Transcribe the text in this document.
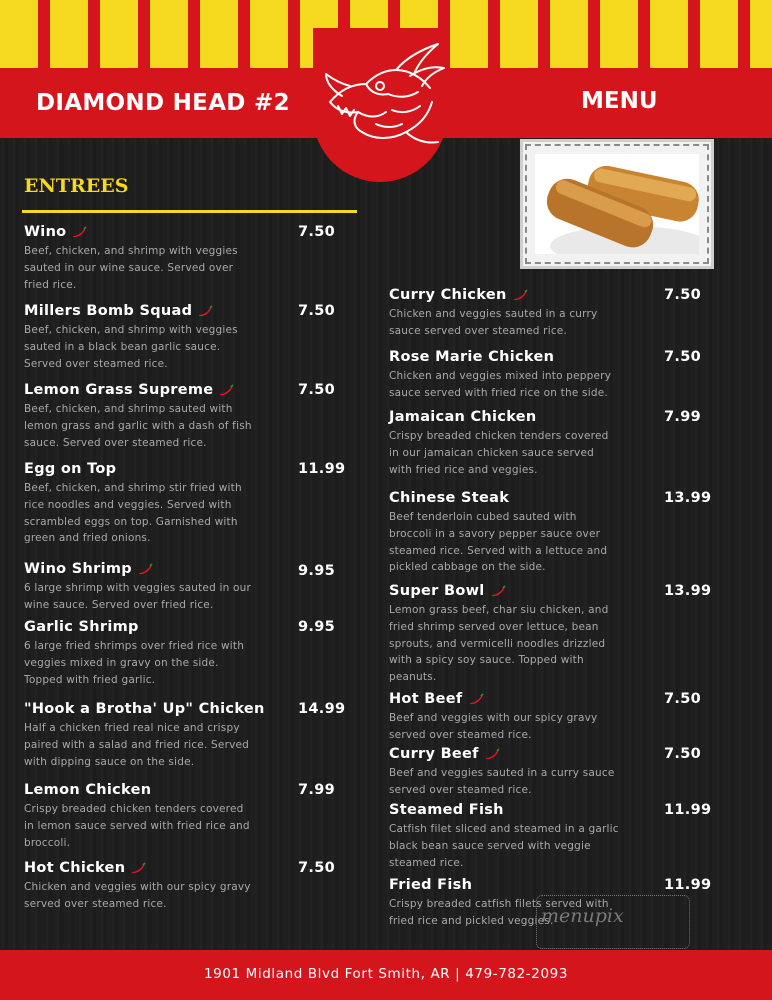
DIAMOND HEAD #2	MENU
ENTREES
Wino
Beef, chicken, and shrimp with veggies sauted in our wine sauce. Served over fried rice.
7.50
Millers Bomb Squad
Beef, chicken, and shrimp with veggies sauted in a black bean garlic sauce. Served over steamed rice.
7.50
Lemon Grass Supreme
Beef, chicken, and shrimp sauted with lemon grass and garlic with a dash of fish sauce. Served over steamed rice.
7.50
Egg on Top
Beef, chicken, and shrimp stir fried with rice noodles and veggies. Served with scrambled eggs on top. Garnished with green and fried onions.
11.99
Wino Shrimp
6 large shrimp with veggies sauted in our wine sauce. Served over fried rice.
9.95
Garlic Shrimp
6 large fried shrimps over fried rice with veggies mixed in gravy on the side. Topped with fried garlic.
9.95
"Hook a Brotha' Up" Chicken
Half a chicken fried real nice and crispy paired with a salad and fried rice. Served with dipping sauce on the side.
14.99
Lemon Chicken
Crispy breaded chicken tenders covered in lemon sauce served with fried rice and broccoli.
7.99
Hot Chicken
Chicken and veggies with our spicy gravy served over steamed rice.
7.50
Curry Chicken
Chicken and veggies sauted in a curry sauce served over steamed rice.
7.50
Rose Marie Chicken
Chicken and veggies mixed into peppery sauce served with fried rice on the side.
7.50
Jamaican Chicken
Crispy breaded chicken tenders covered in our jamaican chicken sauce served with fried rice and veggies.
7.99
Chinese Steak
Beef tenderloin cubed sauted with broccoli in a savory pepper sauce over steamed rice. Served with a lettuce and pickled cabbage on the side.
13.99
Super Bowl
Lemon grass beef, char siu chicken, and fried shrimp served over lettuce, bean sprouts, and vermicelli noodles drizzled with a spicy soy sauce. Topped with peanuts.
13.99
Hot Beef
Beef and veggies with our spicy gravy served over steamed rice.
7.50
Curry Beef
Beef and veggies sauted in a curry sauce served over steamed rice.
7.50
Steamed Fish
Catfish filet sliced and steamed in a garlic black bean sauce served with veggie steamed rice.
11.99
Fried Fish
Crispy breaded catfish filets served with fried rice and pickled veggies.
11.99
menupix
1901 Midland Blvd Fort Smith, AR | 479-782-2093
